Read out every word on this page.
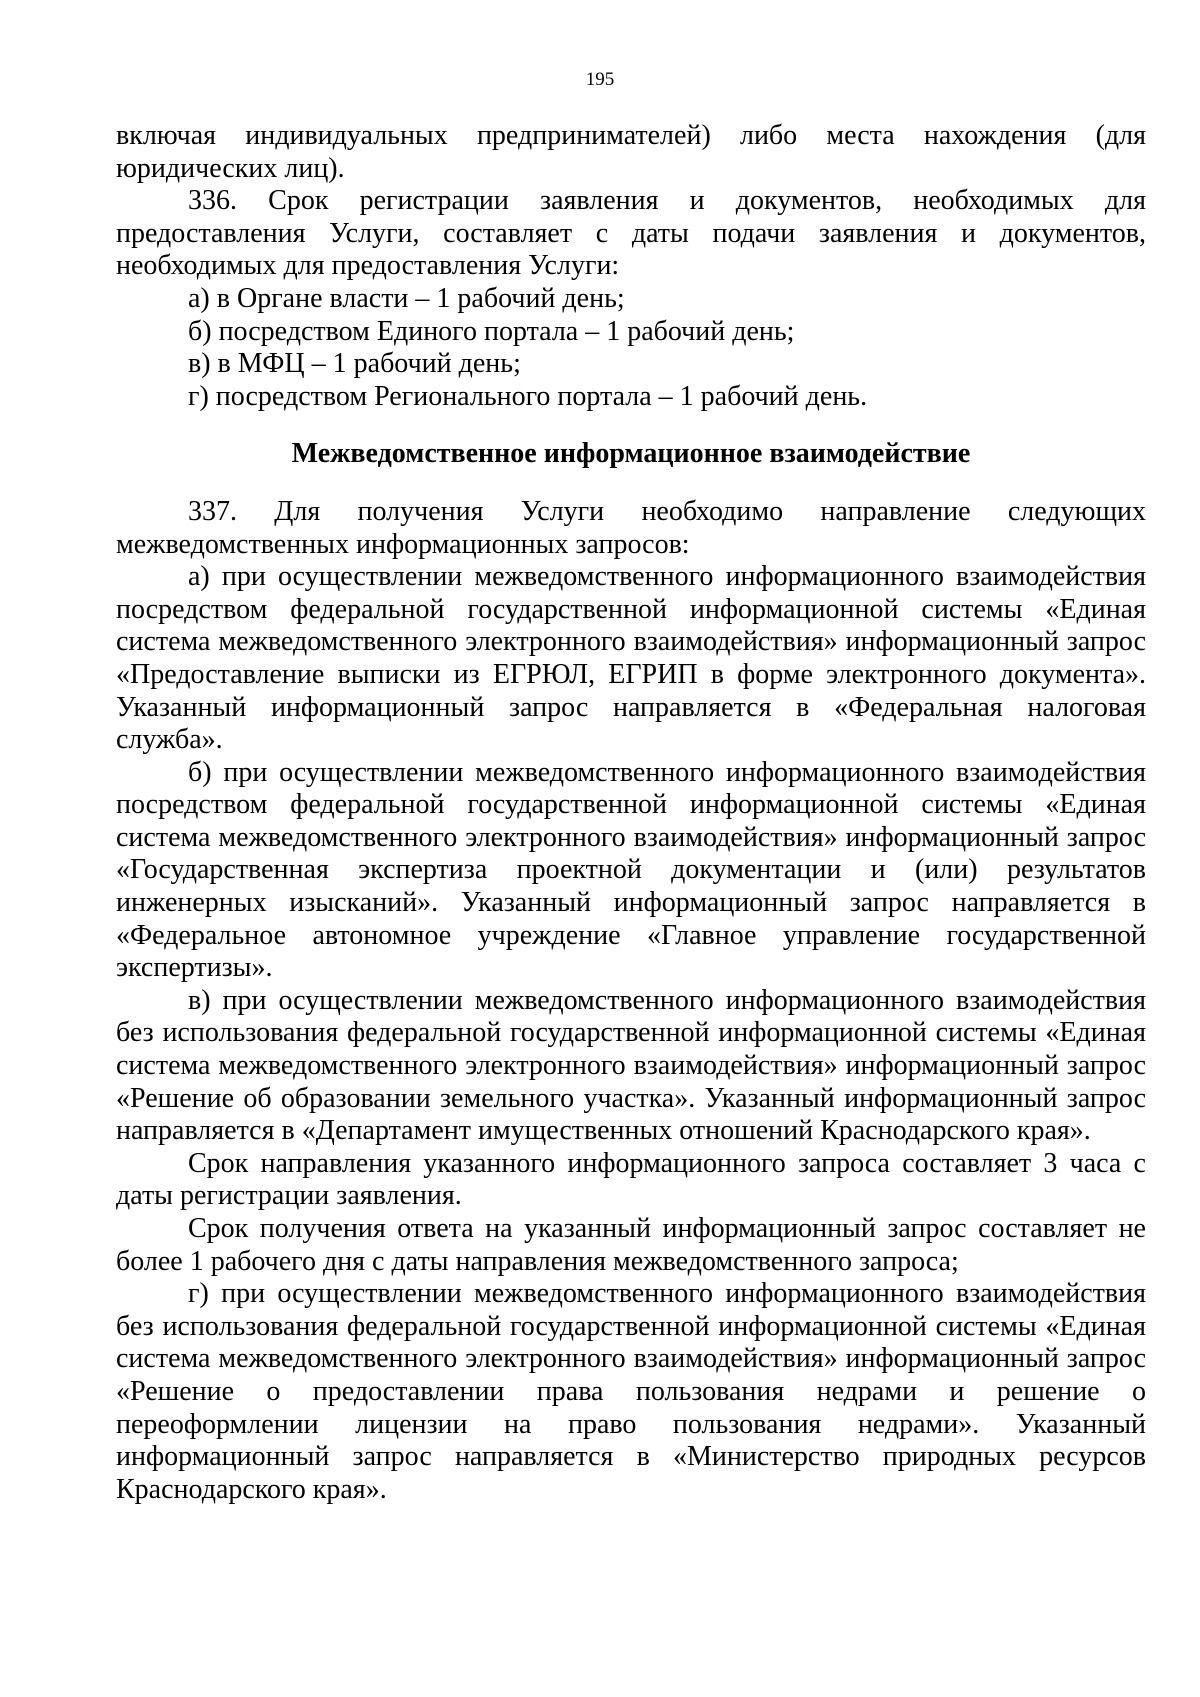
195

включая индивидуальных предпринимателей) либо места нахождения (для юридических лиц).

336. Срок регистрации заявления и документов, необходимых для предоставления Услуги, составляет с даты подачи заявления и документов, необходимых для предоставления Услуги:

а) в Органе власти – 1 рабочий день;

б) посредством Единого портала – 1 рабочий день;

в) в МФЦ – 1 рабочий день;

г) посредством Регионального портала – 1 рабочий день.

Межведомственное информационное взаимодействие

337. Для получения Услуги необходимо направление следующих межведомственных информационных запросов:

а) при осуществлении межведомственного информационного взаимодействия посредством федеральной государственной информационной системы «Единая система межведомственного электронного взаимодействия» информационный запрос «Предоставление выписки из ЕГРЮЛ, ЕГРИП в форме электронного документа». Указанный информационный запрос направляется в «Федеральная налоговая служба».

б) при осуществлении межведомственного информационного взаимодействия посредством федеральной государственной информационной системы «Единая система межведомственного электронного взаимодействия» информационный запрос «Государственная экспертиза проектной документации и (или) результатов инженерных изысканий». Указанный информационный запрос направляется в «Федеральное автономное учреждение «Главное управление государственной экспертизы».

в) при осуществлении межведомственного информационного взаимодействия без использования федеральной государственной информационной системы «Единая система межведомственного электронного взаимодействия» информационный запрос «Решение об образовании земельного участка». Указанный информационный запрос направляется в «Департамент имущественных отношений Краснодарского края».

Срок направления указанного информационного запроса составляет 3 часа с даты регистрации заявления.

Срок получения ответа на указанный информационный запрос составляет не более 1 рабочего дня с даты направления межведомственного запроса;

г) при осуществлении межведомственного информационного взаимодействия без использования федеральной государственной информационной системы «Единая система межведомственного электронного взаимодействия» информационный запрос «Решение о предоставлении права пользования недрами и решение о переоформлении лицензии на право пользования недрами». Указанный информационный запрос направляется в «Министерство природных ресурсов Краснодарского края».
